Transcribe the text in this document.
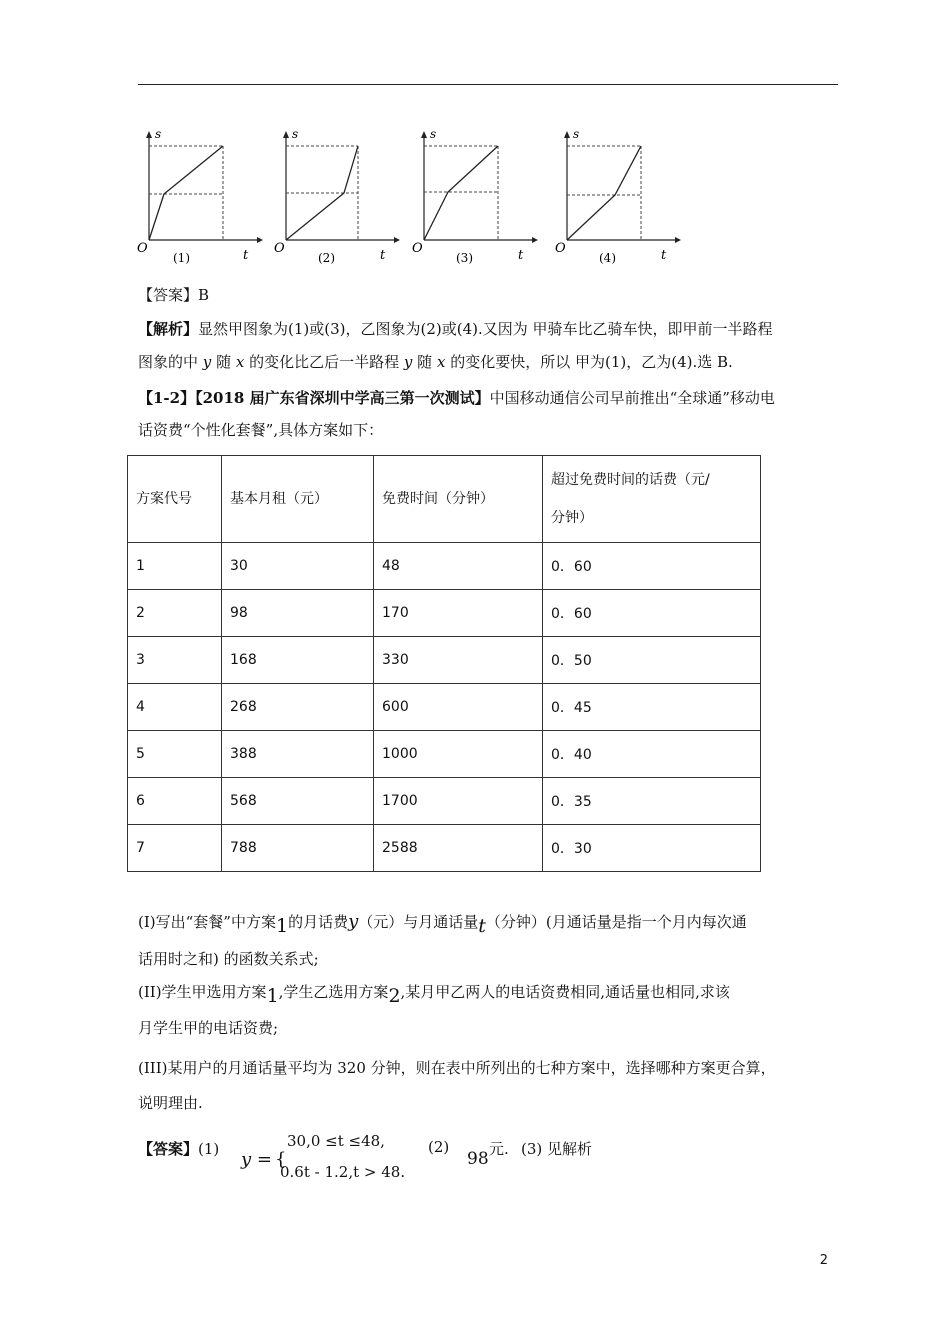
s
O	t
(1)
s
O	t
(2)
s
O	t
(3)
s
O	t
(4)
【答案】B
【解析】显然甲图象为(1)或(3)，乙图象为(2)或(4).又因为 甲骑车比乙骑车快，即甲前一半路程
图象的中 y 随 x 的变化比乙后一半路程 y 随 x 的变化要快，所以 甲为(1)，乙为(4).选 B.
【1-2】【2018 届广东省深圳中学高三第一次测试】中国移动通信公司早前推出“全球通”移动电
话资费“个性化套餐”,具体方案如下：
方案代号	基本月租（元）	免费时间（分钟）	超过免费时间的话费（元/
分钟）

1	30	48	0．60
2	98	170	0．60
3	168	330	0．50
4	268	600	0．45
5	388	1000	0．40
6	568	1700	0．35
7	788	2588	0．30
(I)写出“套餐”中方案1的月话费y（元）与月通话量t（分钟）(月通话量是指一个月内每次通
话用时之和) 的函数关系式;
(II)学生甲选用方案1,学生乙选用方案2,某月甲乙两人的电话资费相同,通话量也相同,求该
月学生甲的电话资费;
(III)某用户的月通话量平均为 320 分钟，则在表中所列出的七种方案中，选择哪种方案更合算，
说明理由.
【答案】(1) y = {
30,0 ≤t ≤48,
0.6t - 1.2,t > 48.
(2)
98 元. (3) 见解析
2
